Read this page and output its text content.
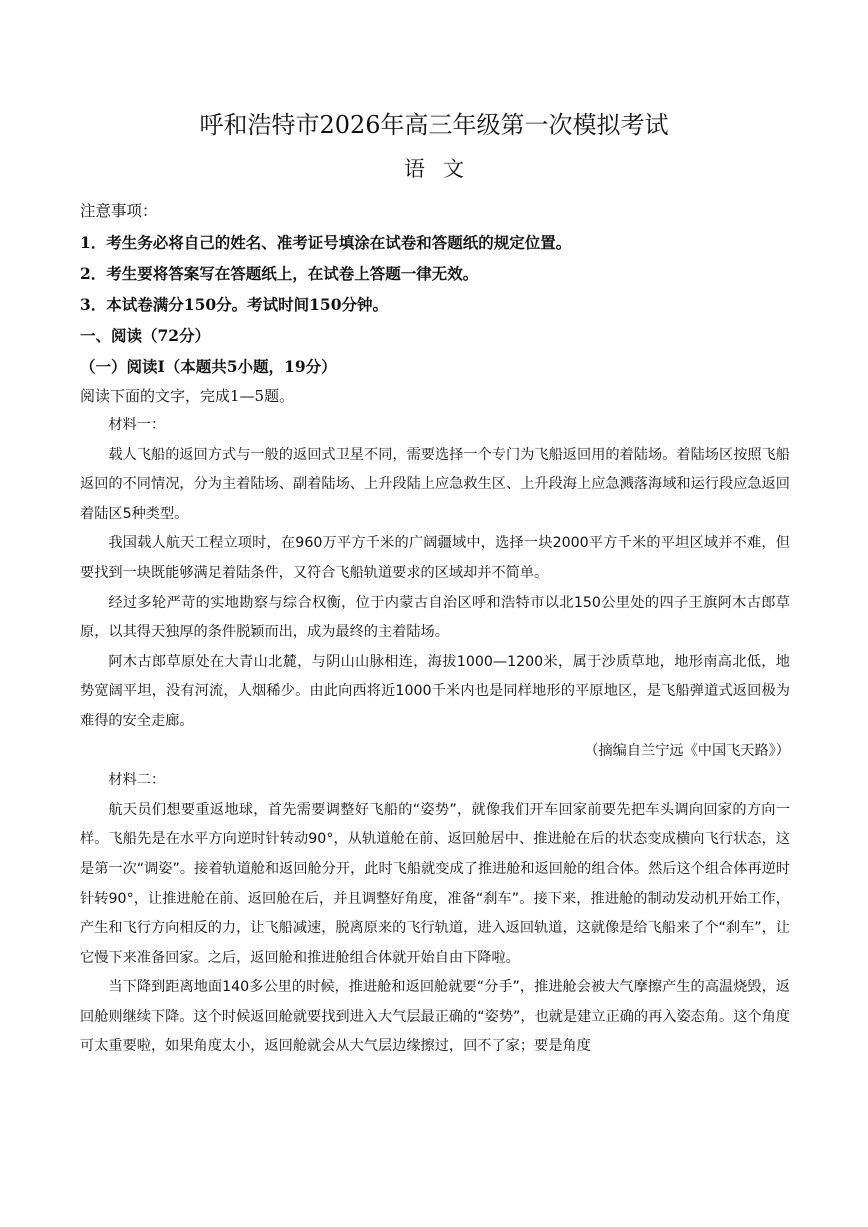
呼和浩特市2026年高三年级第一次模拟考试
语文
注意事项：
1．考生务必将自己的姓名、准考证号填涂在试卷和答题纸的规定位置。
2．考生要将答案写在答题纸上，在试卷上答题一律无效。
3．本试卷满分150分。考试时间150分钟。
一、阅读（72分）
（一）阅读Ⅰ（本题共5小题，19分）
阅读下面的文字，完成1—5题。

材料一：

载人飞船的返回方式与一般的返回式卫星不同，需要选择一个专门为飞船返回用的着陆场。着陆场区按照飞船返回的不同情况，分为主着陆场、副着陆场、上升段陆上应急救生区、上升段海上应急溅落海域和运行段应急返回着陆区5种类型。

我国载人航天工程立项时，在960万平方千米的广阔疆域中，选择一块2000平方千米的平坦区域并不难，但要找到一块既能够满足着陆条件，又符合飞船轨道要求的区域却并不简单。

经过多轮严苛的实地勘察与综合权衡，位于内蒙古自治区呼和浩特市以北150公里处的四子王旗阿木古郎草原，以其得天独厚的条件脱颖而出，成为最终的主着陆场。

阿木古郎草原处在大青山北麓，与阴山山脉相连，海拔1000—1200米，属于沙质草地，地形南高北低，地势宽阔平坦，没有河流，人烟稀少。由此向西将近1000千米内也是同样地形的平原地区，是飞船弹道式返回极为难得的安全走廊。

（摘编自兰宁远《中国飞天路》）

材料二：

航天员们想要重返地球，首先需要调整好飞船的“姿势”，就像我们开车回家前要先把车头调向回家的方向一样。飞船先是在水平方向逆时针转动90°，从轨道舱在前、返回舱居中、推进舱在后的状态变成横向飞行状态，这是第一次“调姿”。接着轨道舱和返回舱分开，此时飞船就变成了推进舱和返回舱的组合体。然后这个组合体再逆时针转90°，让推进舱在前、返回舱在后，并且调整好角度，准备“刹车”。接下来，推进舱的制动发动机开始工作，产生和飞行方向相反的力，让飞船减速，脱离原来的飞行轨道，进入返回轨道，这就像是给飞船来了个“刹车”，让它慢下来准备回家。之后，返回舱和推进舱组合体就开始自由下降啦。

当下降到距离地面140多公里的时候，推进舱和返回舱就要“分手”，推进舱会被大气摩擦产生的高温烧毁，返回舱则继续下降。这个时候返回舱就要找到进入大气层最正确的“姿势”，也就是建立正确的再入姿态角。这个角度可太重要啦，如果角度太小，返回舱就会从大气层边缘擦过，回不了家；要是角度
